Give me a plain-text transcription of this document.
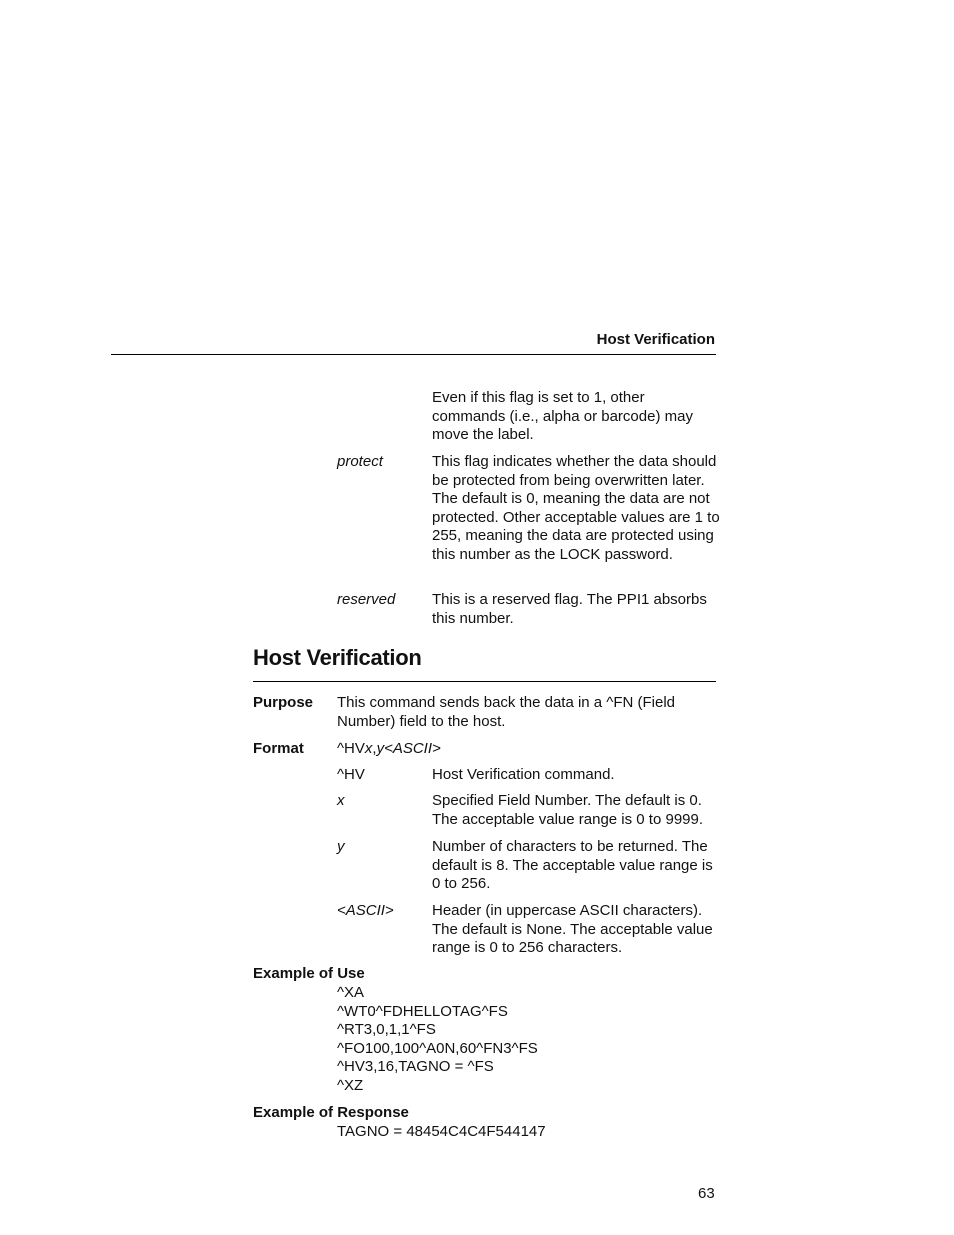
Host Verification
Even if this flag is set to 1, other commands (i.e., alpha or barcode) may move the label.
protect	This flag indicates whether the data should be protected from being overwritten later. The default is 0, meaning the data are not protected. Other acceptable values are 1 to 255, meaning the data are protected using this number as the LOCK password.
reserved This is a reserved flag. The PPI1 absorbs this number.
Host Verification
Purpose This command sends back the data in a ^FN (Field Number) field to the host.
Format ^HVx,y<ASCII>
^HV	Host Verification command.
x	Specified Field Number. The default is 0. The acceptable value range is 0 to 9999.
y	Number of characters to be returned. The default is 8. The acceptable value range is 0 to 256.
<ASCII>	Header (in uppercase ASCII characters). The default is None. The acceptable value range is 0 to 256 characters.
Example of Use
^XA
^WT0^FDHELLOTAG^FS
^RT3,0,1,1^FS
^FO100,100^A0N,60^FN3^FS
^HV3,16,TAGNO = ^FS
^XZ
Example of Response
TAGNO = 48454C4C4F544147
63
